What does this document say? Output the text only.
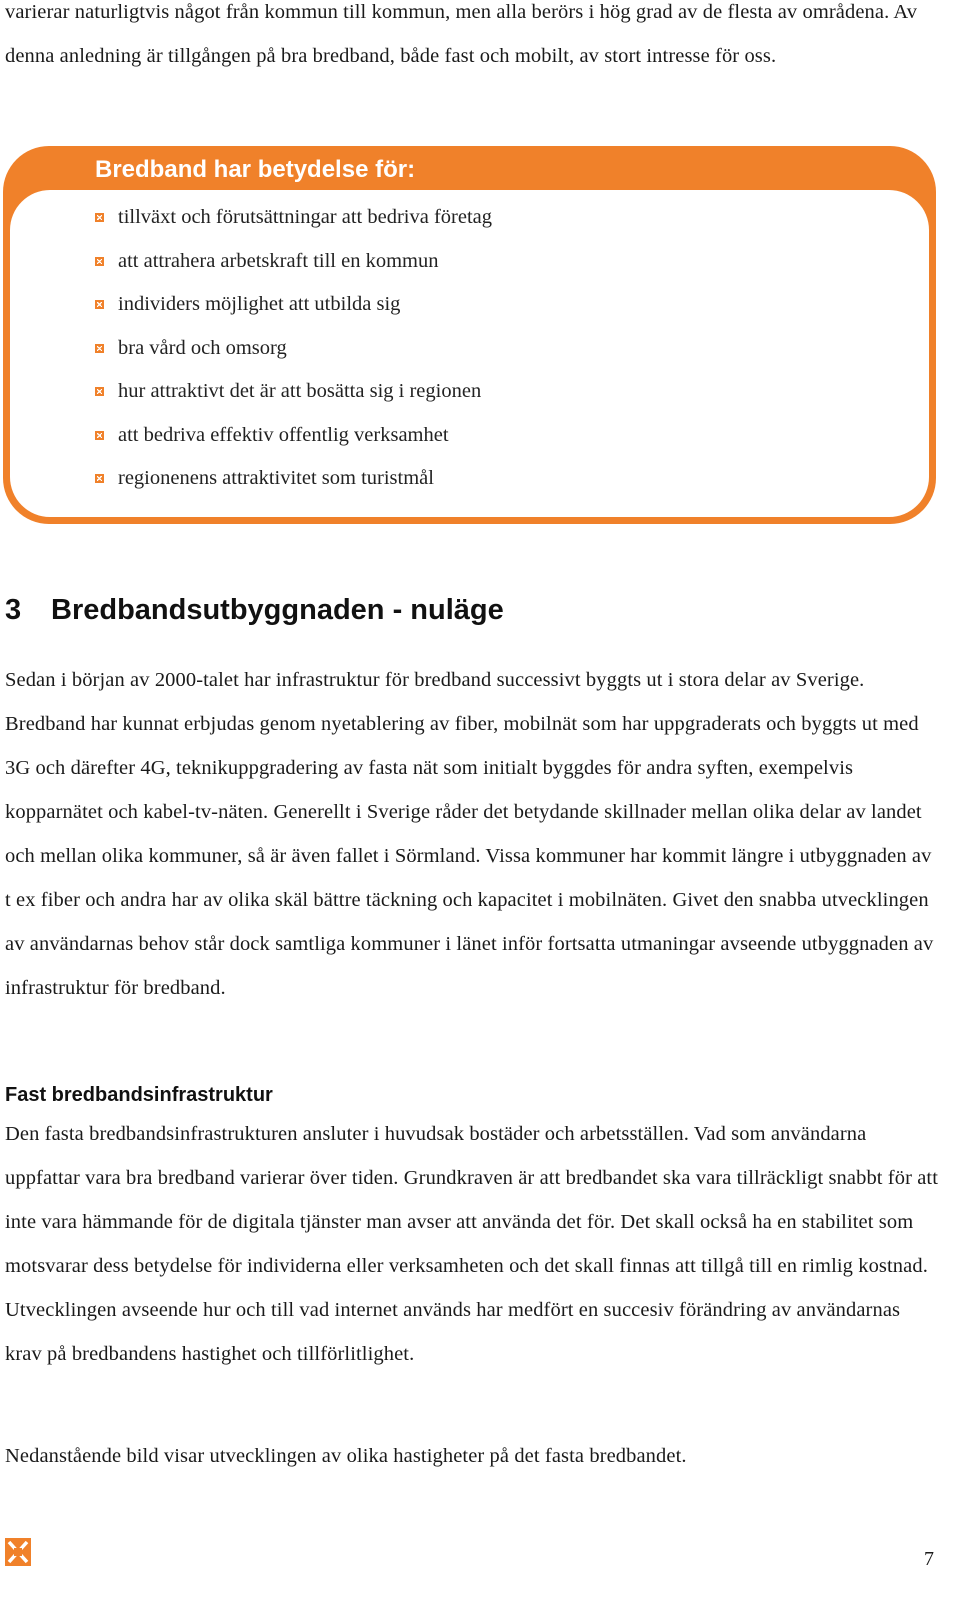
varierar naturligtvis något från kommun till kommun, men alla berörs i hög grad av de flesta av områdena. Av denna anledning är tillgången på bra bredband, både fast och mobilt, av stort intresse för oss.

Bredband har betydelse för:
tillväxt och förutsättningar att bedriva företag
att attrahera arbetskraft till en kommun
individers möjlighet att utbilda sig
bra vård och omsorg
hur attraktivt det är att bosätta sig i regionen
att bedriva effektiv offentlig verksamhet
regionenens attraktivitet som turistmål
3 Bredbandsutbyggnaden - nuläge

Sedan i början av 2000-talet har infrastruktur för bredband successivt byggts ut i stora delar av Sverige. Bredband har kunnat erbjudas genom nyetablering av fiber, mobilnät som har uppgraderats och byggts ut med 3G och därefter 4G, teknikuppgradering av fasta nät som initialt byggdes för andra syften, exempelvis kopparnätet och kabel-tv-näten. Generellt i Sverige råder det betydande skillnader mellan olika delar av landet och mellan olika kommuner, så är även fallet i Sörmland. Vissa kommuner har kommit längre i utbyggnaden av t ex fiber och andra har av olika skäl bättre täckning och kapacitet i mobilnäten. Givet den snabba utvecklingen av användarnas behov står dock samtliga kommuner i länet inför fortsatta utmaningar avseende utbyggnaden av infrastruktur för bredband.

Fast bredbandsinfrastruktur

Den fasta bredbandsinfrastrukturen ansluter i huvudsak bostäder och arbetsställen. Vad som användarna uppfattar vara bra bredband varierar över tiden. Grundkraven är att bredbandet ska vara tillräckligt snabbt för att inte vara hämmande för de digitala tjänster man avser att använda det för. Det skall också ha en stabilitet som motsvarar dess betydelse för individerna eller verksamheten och det skall finnas att tillgå till en rimlig kostnad. Utvecklingen avseende hur och till vad internet används har medfört en succesiv förändring av användarnas krav på bredbandens hastighet och tillförlitlighet.

Nedanstående bild visar utvecklingen av olika hastigheter på det fasta bredbandet.

7
